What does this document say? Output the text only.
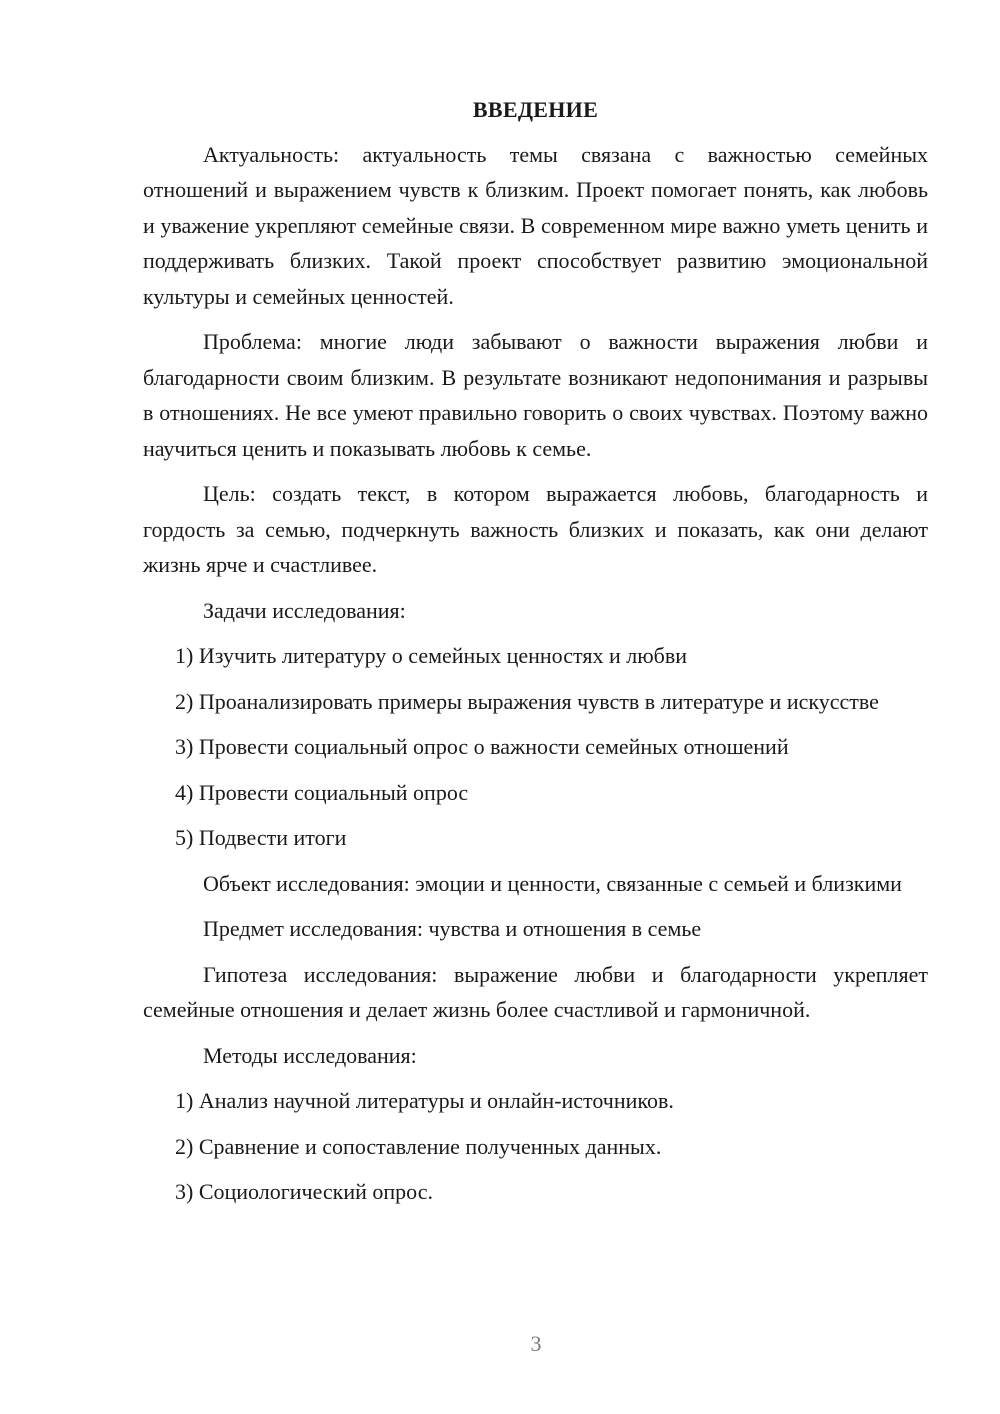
ВВЕДЕНИЕ

Актуальность: актуальность темы связана с важностью семейных отношений и выражением чувств к близким. Проект помогает понять, как любовь и уважение укрепляют семейные связи. В современном мире важно уметь ценить и поддерживать близких. Такой проект способствует развитию эмоциональной культуры и семейных ценностей.

Проблема: многие люди забывают о важности выражения любви и благодарности своим близким. В результате возникают недопонимания и разрывы в отношениях. Не все умеют правильно говорить о своих чувствах. Поэтому важно научиться ценить и показывать любовь к семье.

Цель: создать текст, в котором выражается любовь, благодарность и гордость за семью, подчеркнуть важность близких и показать, как они делают жизнь ярче и счастливее.

Задачи исследования:

1) Изучить литературу о семейных ценностях и любви

2) Проанализировать примеры выражения чувств в литературе и искусстве

3) Провести социальный опрос о важности семейных отношений

4) Провести социальный опрос

5) Подвести итоги

Объект исследования: эмоции и ценности, связанные с семьей и близкими

Предмет исследования: чувства и отношения в семье

Гипотеза исследования: выражение любви и благодарности укрепляет семейные отношения и делает жизнь более счастливой и гармоничной.

Методы исследования:

1) Анализ научной литературы и онлайн-источников.

2) Сравнение и сопоставление полученных данных.

3) Социологический опрос.

3
